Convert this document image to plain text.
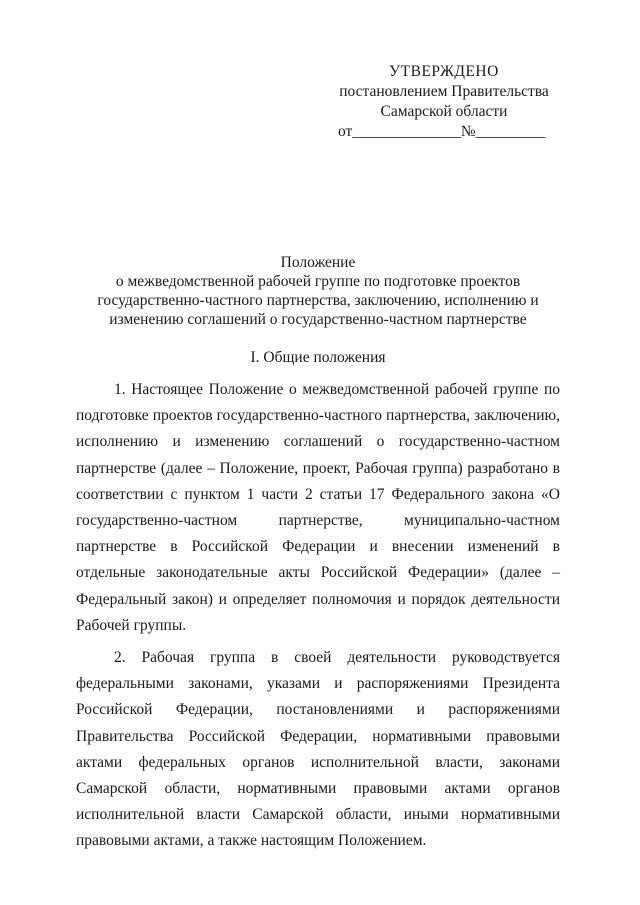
УТВЕРЖДЕНО
постановлением Правительства
Самарской области
от______________№_________
Положение
о межведомственной рабочей группе по подготовке проектов
государственно-частного партнерства, заключению, исполнению и
изменению соглашений о государственно-частном партнерстве
I. Общие положения

1. Настоящее Положение о межведомственной рабочей группе по подготовке проектов государственно-частного партнерства, заключению, исполнению и изменению соглашений о государственно-частном партнерстве (далее – Положение, проект, Рабочая группа) разработано в соответствии с пунктом 1 части 2 статьи 17 Федерального закона «О государственно-частном партнерстве, муниципально-частном партнерстве в Российской Федерации и внесении изменений в отдельные законодательные акты Российской Федерации» (далее – Федеральный закон) и определяет полномочия и порядок деятельности Рабочей группы.

2. Рабочая группа в своей деятельности руководствуется федеральными законами, указами и распоряжениями Президента Российской Федерации, постановлениями и распоряжениями Правительства Российской Федерации, нормативными правовыми актами федеральных органов исполнительной власти, законами Самарской области, нормативными правовыми актами органов исполнительной власти Самарской области, иными нормативными правовыми актами, а также настоящим Положением.
